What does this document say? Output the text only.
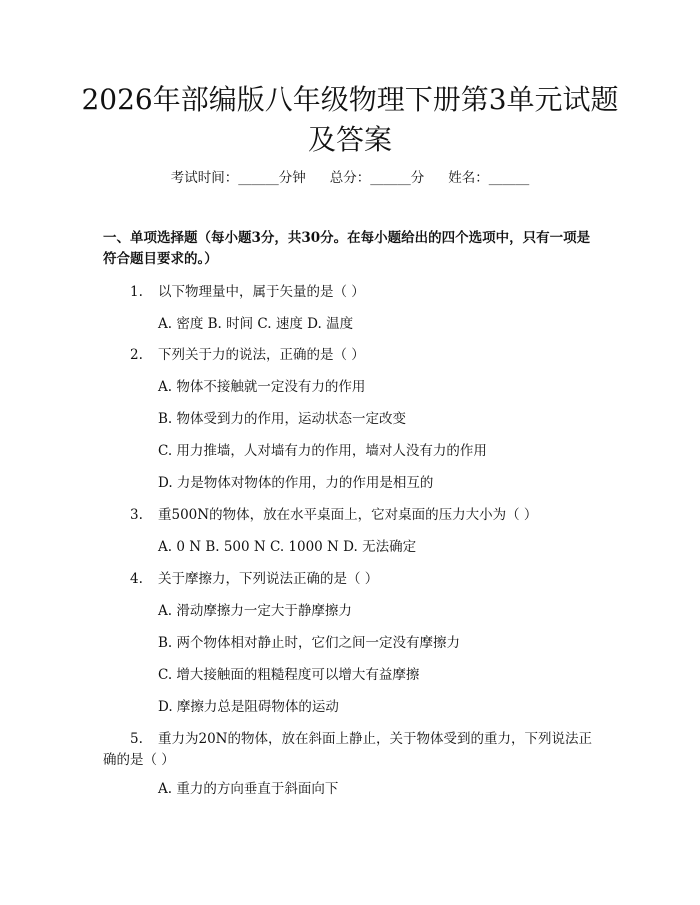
2026年部编版八年级物理下册第3单元试题及答案
考试时间：______分钟 总分：______分 姓名：______

一、单项选择题（每小题3分，共30分。在每小题给出的四个选项中，只有一项是符合题目要求的。）

1. 以下物理量中，属于矢量的是（ ）
A. 密度 B. 时间 C. 速度 D. 温度
2. 下列关于力的说法，正确的是（ ）
A. 物体不接触就一定没有力的作用
B. 物体受到力的作用，运动状态一定改变
C. 用力推墙，人对墙有力的作用，墙对人没有力的作用
D. 力是物体对物体的作用，力的作用是相互的
3. 重500N的物体，放在水平桌面上，它对桌面的压力大小为（ ）
A. 0 N B. 500 N C. 1000 N D. 无法确定
4. 关于摩擦力，下列说法正确的是（ ）
A. 滑动摩擦力一定大于静摩擦力
B. 两个物体相对静止时，它们之间一定没有摩擦力
C. 增大接触面的粗糙程度可以增大有益摩擦
D. 摩擦力总是阻碍物体的运动
5. 重力为20N的物体，放在斜面上静止，关于物体受到的重力，下列说法正确的是（ ）
A. 重力的方向垂直于斜面向下
